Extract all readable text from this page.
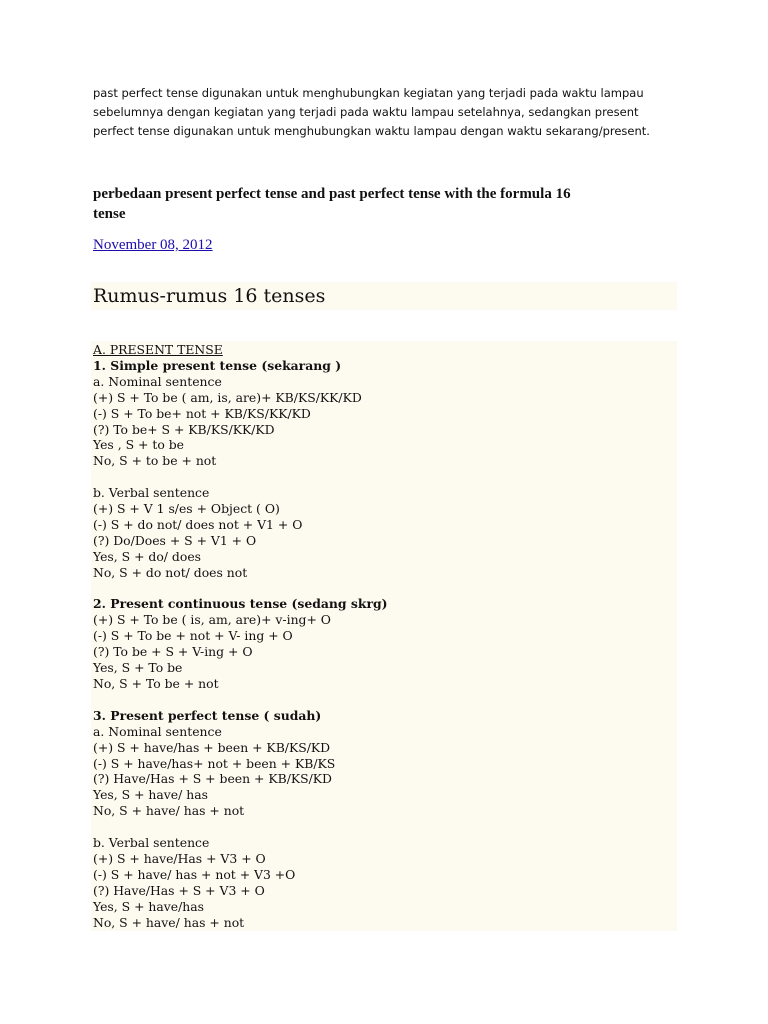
past perfect tense digunakan untuk menghubungkan kegiatan yang terjadi pada waktu lampau
sebelumnya dengan kegiatan yang terjadi pada waktu lampau setelahnya, sedangkan present
perfect tense digunakan untuk menghubungkan waktu lampau dengan waktu sekarang/present.
perbedaan present perfect tense and past perfect tense with the formula 16
tense
November 08, 2012
Rumus-rumus 16 tenses
A. PRESENT TENSE
1. Simple present tense (sekarang )
a. Nominal sentence
(+) S + To be ( am, is, are)+ KB/KS/KK/KD
(-) S + To be+ not + KB/KS/KK/KD
(?) To be+ S + KB/KS/KK/KD
Yes , S + to be
No, S + to be + not
b. Verbal sentence
(+) S + V 1 s/es + Object ( O)
(-) S + do not/ does not + V1 + O
(?) Do/Does + S + V1 + O
Yes, S + do/ does
No, S + do not/ does not
2. Present continuous tense (sedang skrg)
(+) S + To be ( is, am, are)+ v-ing+ O
(-) S + To be + not + V- ing + O
(?) To be + S + V-ing + O
Yes, S + To be
No, S + To be + not
3. Present perfect tense ( sudah)
a. Nominal sentence
(+) S + have/has + been + KB/KS/KD
(-) S + have/has+ not + been + KB/KS
(?) Have/Has + S + been + KB/KS/KD
Yes, S + have/ has
No, S + have/ has + not
b. Verbal sentence
(+) S + have/Has + V3 + O
(-) S + have/ has + not + V3 +O
(?) Have/Has + S + V3 + O
Yes, S + have/has
No, S + have/ has + not
